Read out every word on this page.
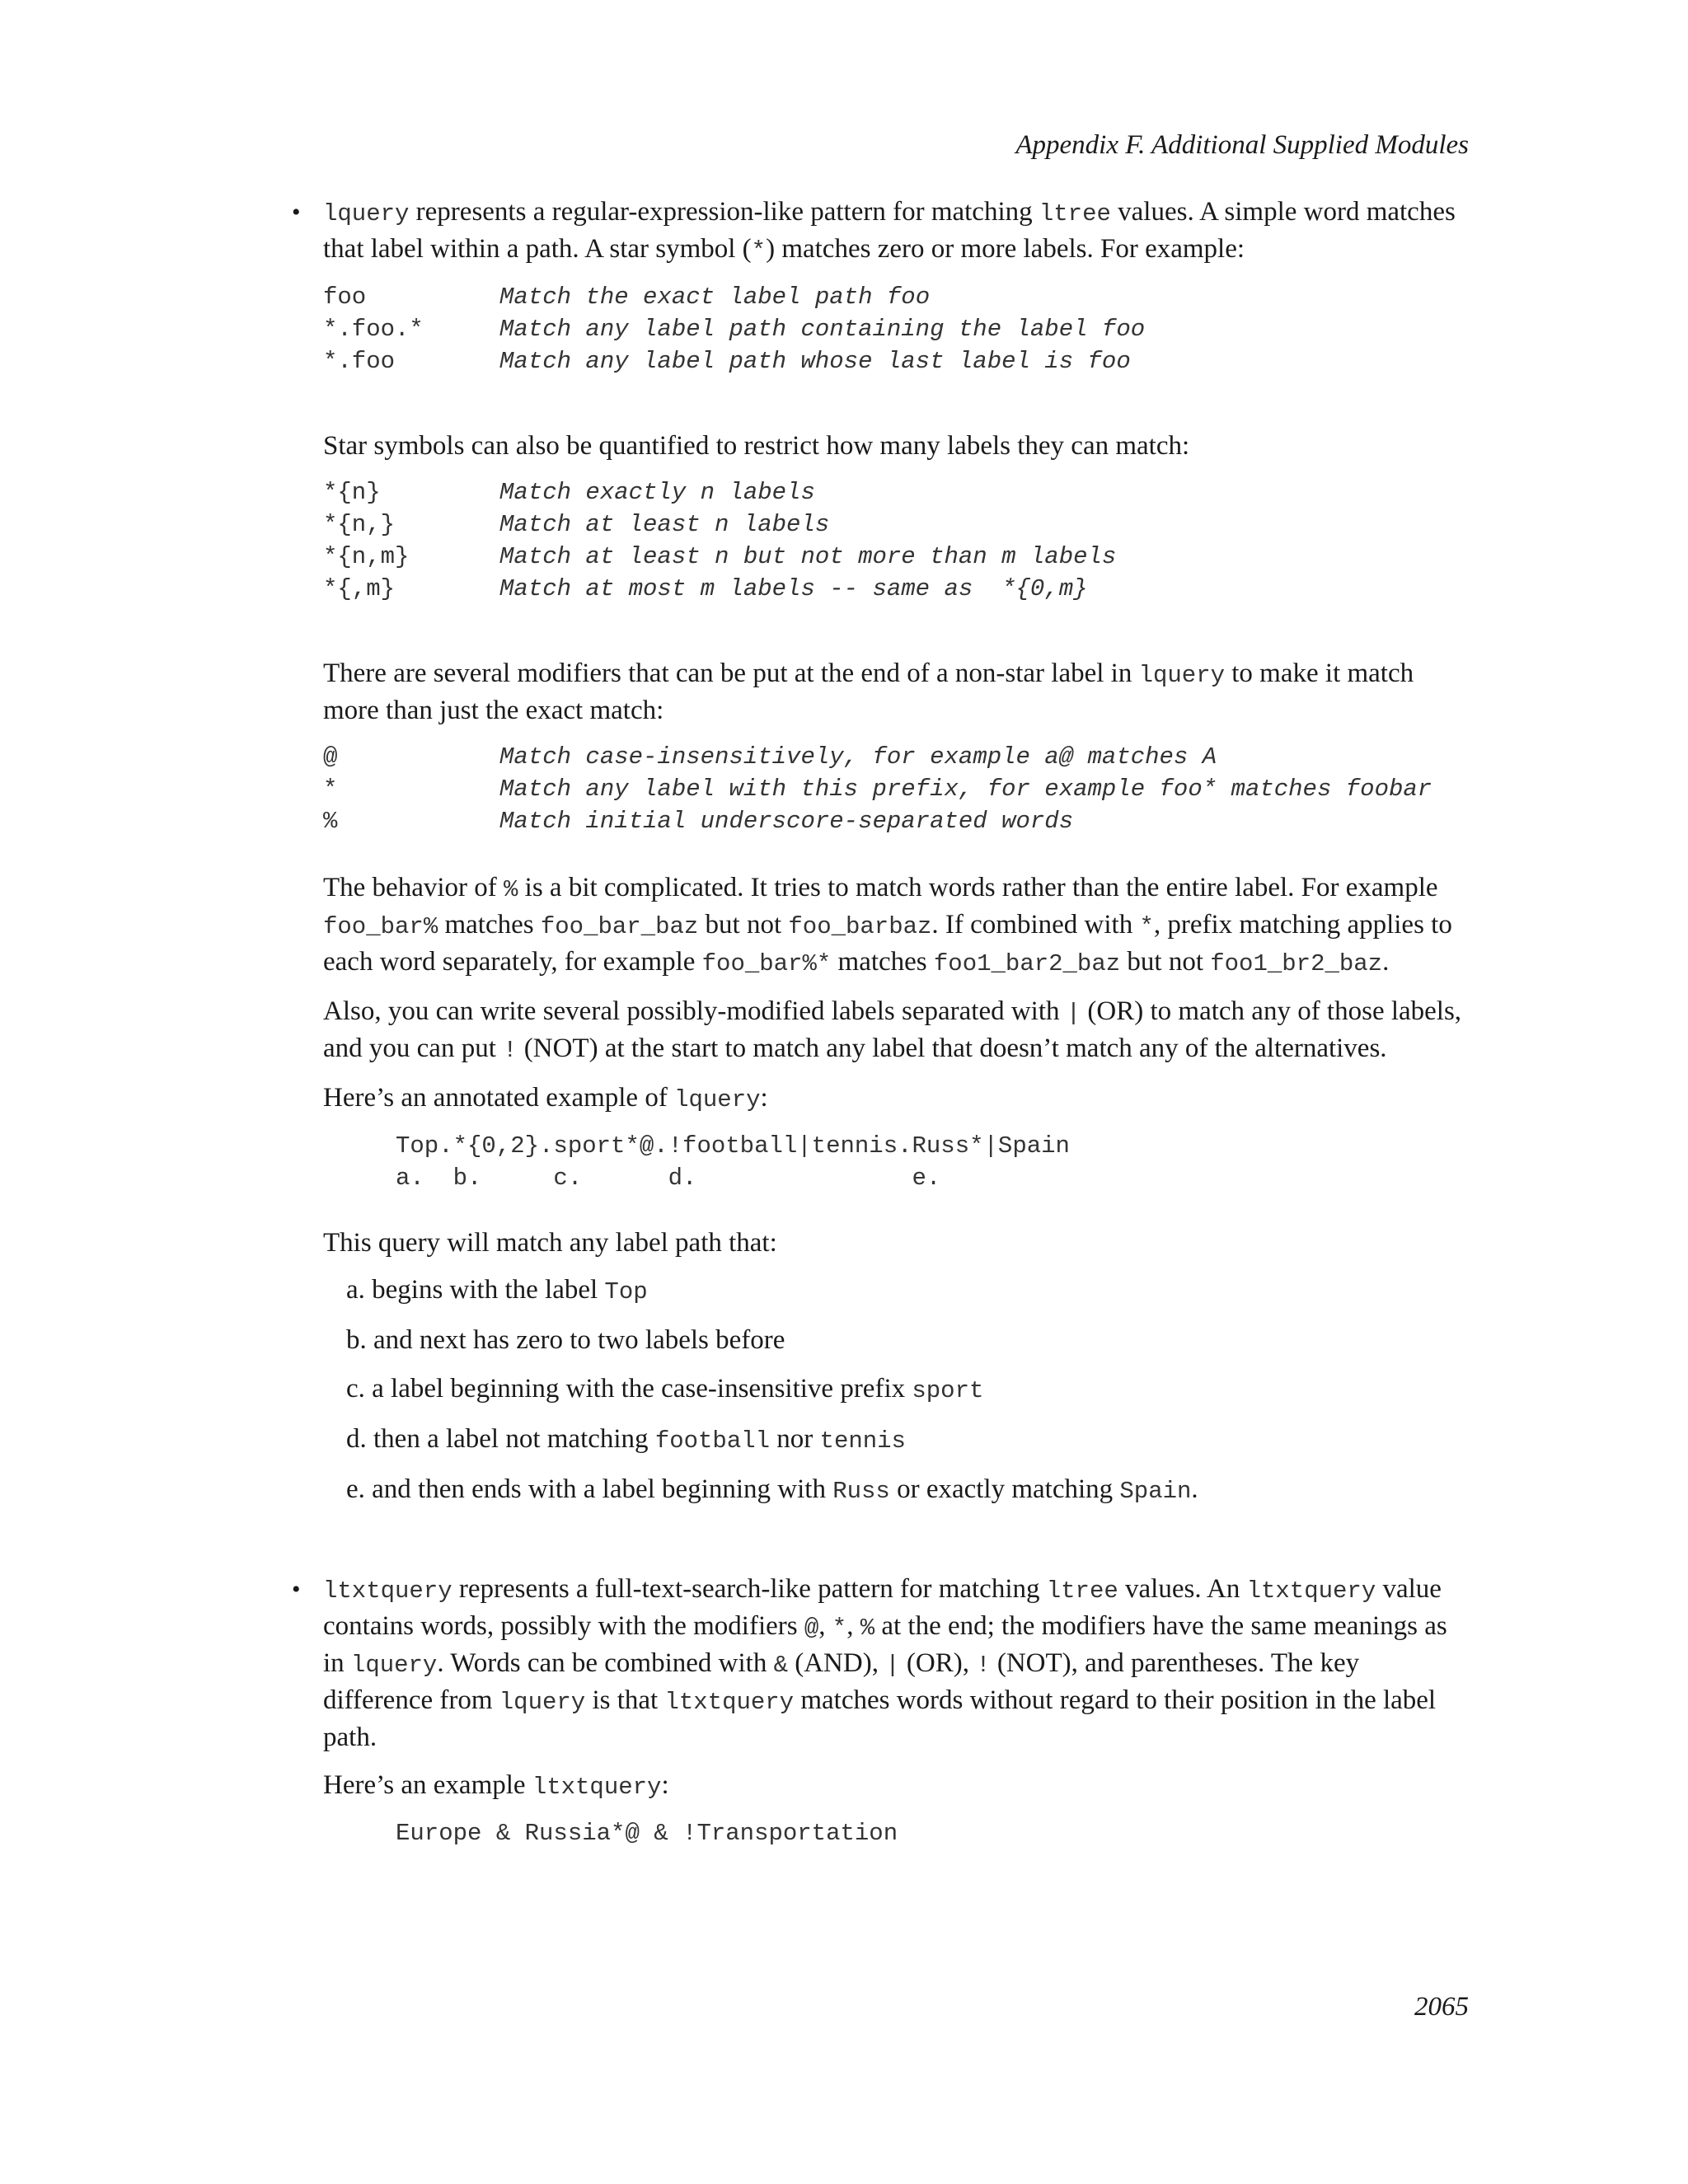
Appendix F. Additional Supplied Modules
• lquery represents a regular-expression-like pattern for matching ltree values. A simple word matches that label within a path. A star symbol (*) matches zero or more labels. For example:

foo	Match the exact label path foo
*.foo.*	Match any label path containing the label foo
*.foo	Match any label path whose last label is foo

Star symbols can also be quantified to restrict how many labels they can match:

*{n}	Match exactly n labels
*{n,}	Match at least n labels
*{n,m}	Match at least n but not more than m labels
*{,m}	Match at most m labels -- same as  *{0,m}

There are several modifiers that can be put at the end of a non-star label in lquery to make it match more than just the exact match:

@	Match case-insensitively, for example a@ matches A
*	Match any label with this prefix, for example foo* matches foobar
%	Match initial underscore-separated words

The behavior of % is a bit complicated. It tries to match words rather than the entire label. For example foo_bar% matches foo_bar_baz but not foo_barbaz. If combined with *, prefix matching applies to each word separately, for example foo_bar%* matches foo1_bar2_baz but not foo1_br2_baz.

Also, you can write several possibly-modified labels separated with | (OR) to match any of those labels, and you can put ! (NOT) at the start to match any label that doesn’t match any of the alternatives.

Here’s an annotated example of lquery:

Top.*{0,2}.sport*@.!football|tennis.Russ*|Spain
a.  b.     c.      d.               e.

This query will match any label path that:

a. begins with the label Top
b. and next has zero to two labels before
c. a label beginning with the case-insensitive prefix sport
d. then a label not matching football nor tennis
e. and then ends with a label beginning with Russ or exactly matching Spain.
• ltxtquery represents a full-text-search-like pattern for matching ltree values. An ltxtquery value contains words, possibly with the modifiers @, *, % at the end; the modifiers have the same meanings as in lquery. Words can be combined with & (AND), | (OR), ! (NOT), and parentheses. The key difference from lquery is that ltxtquery matches words without regard to their position in the label path.

Here’s an example ltxtquery:

Europe & Russia*@ & !Transportation
2065
